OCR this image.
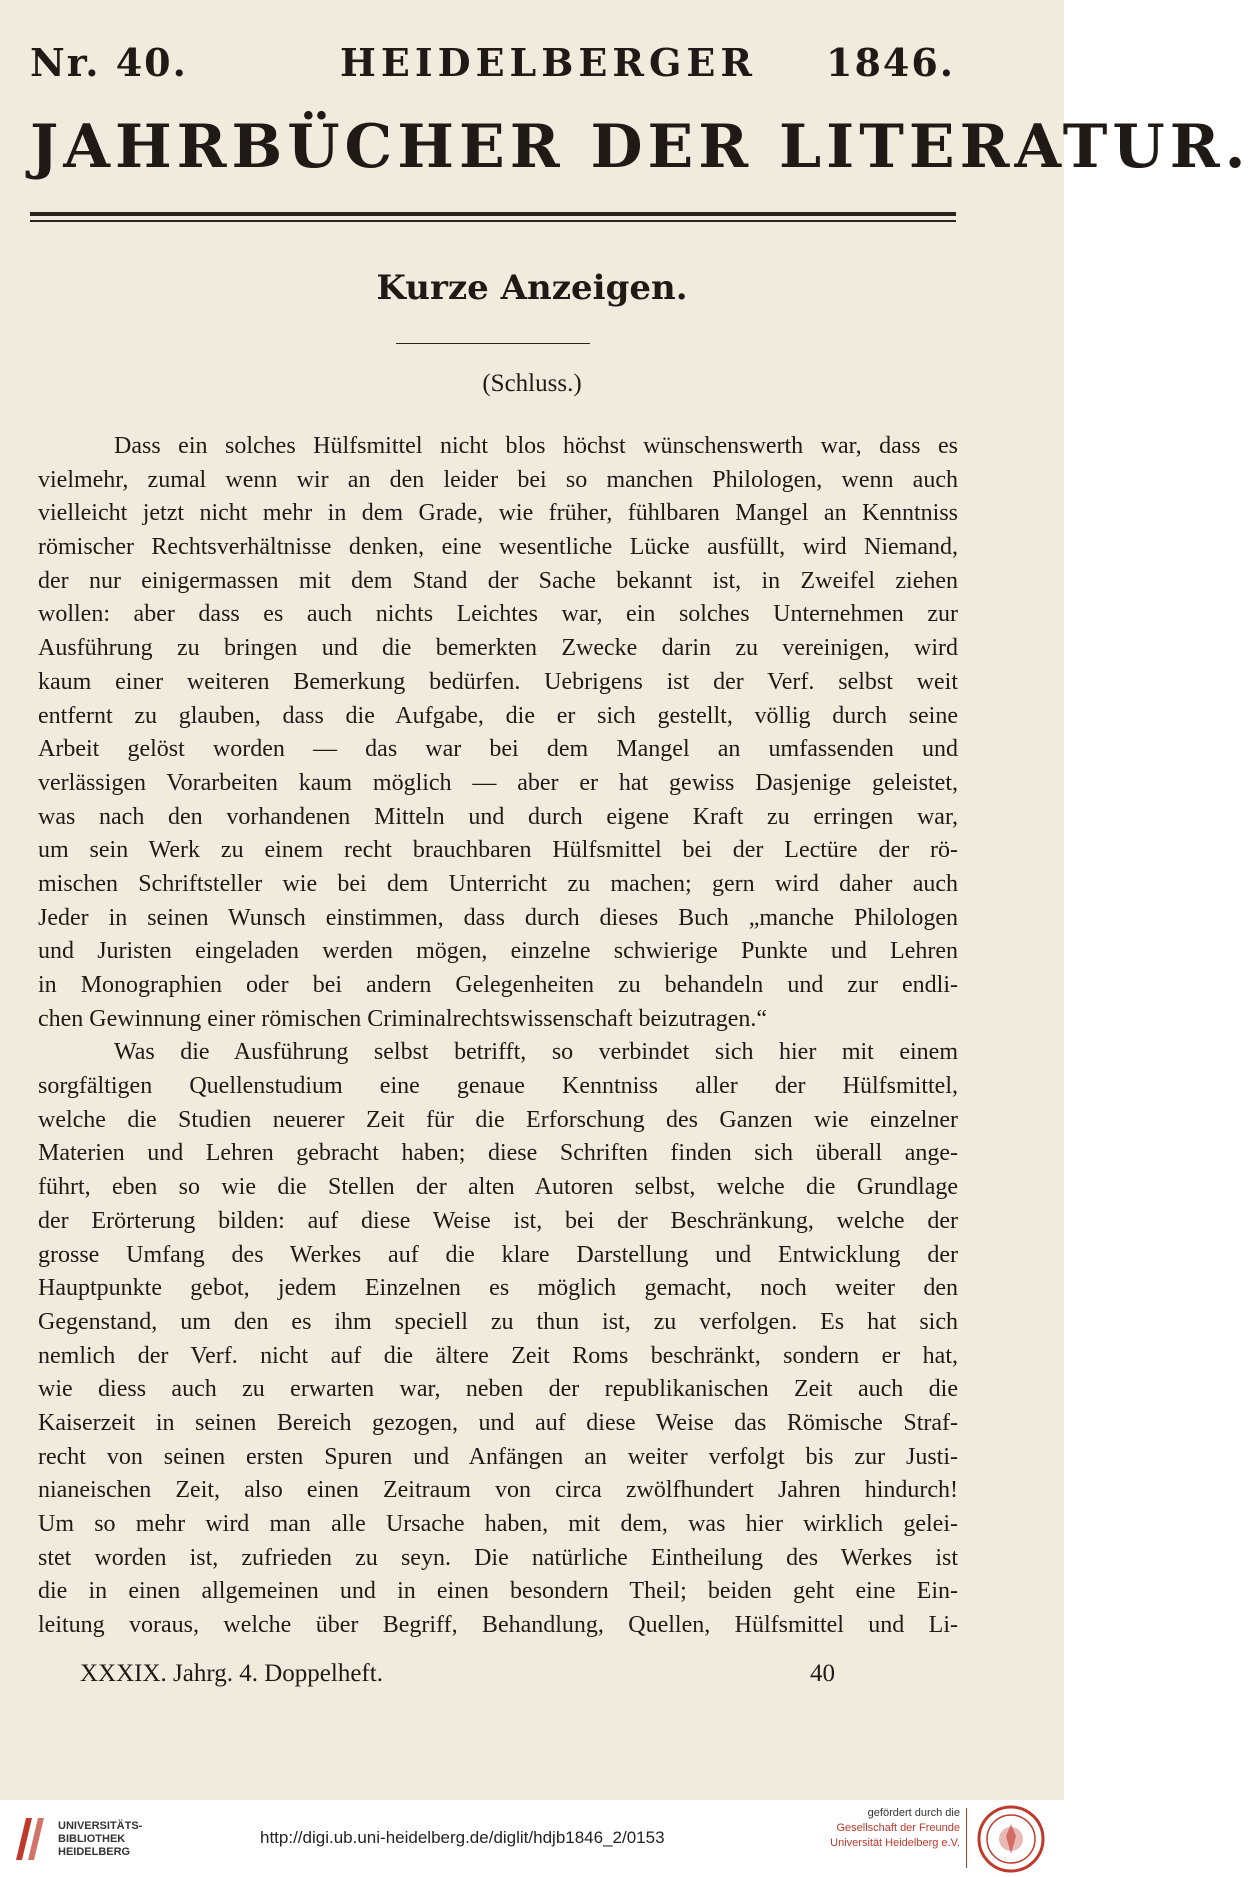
Nr. 40.	HEIDELBERGER 1846.
JAHRBÜCHER DER LITERATUR.
Kurze Anzeigen.
(Schluss.)
Dass ein solches Hülfsmittel nicht blos höchst wünschenswerth war, dass es
vielmehr, zumal wenn wir an den leider bei so manchen Philologen, wenn auch
vielleicht jetzt nicht mehr in dem Grade, wie früher, fühlbaren Mangel an Kenntniss
römischer Rechtsverhältnisse denken, eine wesentliche Lücke ausfüllt, wird Niemand,
der nur einigermassen mit dem Stand der Sache bekannt ist, in Zweifel ziehen
wollen: aber dass es auch nichts Leichtes war, ein solches Unternehmen zur
Ausführung zu bringen und die bemerkten Zwecke darin zu vereinigen, wird
kaum einer weiteren Bemerkung bedürfen. Uebrigens ist der Verf. selbst weit
entfernt zu glauben, dass die Aufgabe, die er sich gestellt, völlig durch seine
Arbeit gelöst worden — das war bei dem Mangel an umfassenden und
verlässigen Vorarbeiten kaum möglich — aber er hat gewiss Dasjenige geleistet,
was nach den vorhandenen Mitteln und durch eigene Kraft zu erringen war,
um sein Werk zu einem recht brauchbaren Hülfsmittel bei der Lectüre der rö-
mischen Schriftsteller wie bei dem Unterricht zu machen; gern wird daher auch
Jeder in seinen Wunsch einstimmen, dass durch dieses Buch „manche Philologen
und Juristen eingeladen werden mögen, einzelne schwierige Punkte und Lehren
in Monographien oder bei andern Gelegenheiten zu behandeln und zur endli-
chen Gewinnung einer römischen Criminalrechtswissenschaft beizutragen.“
Was die Ausführung selbst betrifft, so verbindet sich hier mit einem
sorgfältigen Quellenstudium eine genaue Kenntniss aller der Hülfsmittel,
welche die Studien neuerer Zeit für die Erforschung des Ganzen wie einzelner
Materien und Lehren gebracht haben; diese Schriften finden sich überall ange-
führt, eben so wie die Stellen der alten Autoren selbst, welche die Grundlage
der Erörterung bilden: auf diese Weise ist, bei der Beschränkung, welche der
grosse Umfang des Werkes auf die klare Darstellung und Entwicklung der
Hauptpunkte gebot, jedem Einzelnen es möglich gemacht, noch weiter den
Gegenstand, um den es ihm speciell zu thun ist, zu verfolgen. Es hat sich
nemlich der Verf. nicht auf die ältere Zeit Roms beschränkt, sondern er hat,
wie diess auch zu erwarten war, neben der republikanischen Zeit auch die
Kaiserzeit in seinen Bereich gezogen, und auf diese Weise das Römische Straf-
recht von seinen ersten Spuren und Anfängen an weiter verfolgt bis zur Justi-
nianeischen Zeit, also einen Zeitraum von circa zwölfhundert Jahren hindurch!
Um so mehr wird man alle Ursache haben, mit dem, was hier wirklich gelei-
stet worden ist, zufrieden zu seyn. Die natürliche Eintheilung des Werkes ist
die in einen allgemeinen und in einen besondern Theil; beiden geht eine Ein-
leitung voraus, welche über Begriff, Behandlung, Quellen, Hülfsmittel und Li-
XXXIX. Jahrg. 4. Doppelheft.	40
UNIVERSITÄTS-
BIBLIOTHEK
HEIDELBERG
http://digi.ub.uni-heidelberg.de/diglit/hdjb1846_2/0153
gefördert durch die
Gesellschaft der Freunde
Universität Heidelberg e.V.
